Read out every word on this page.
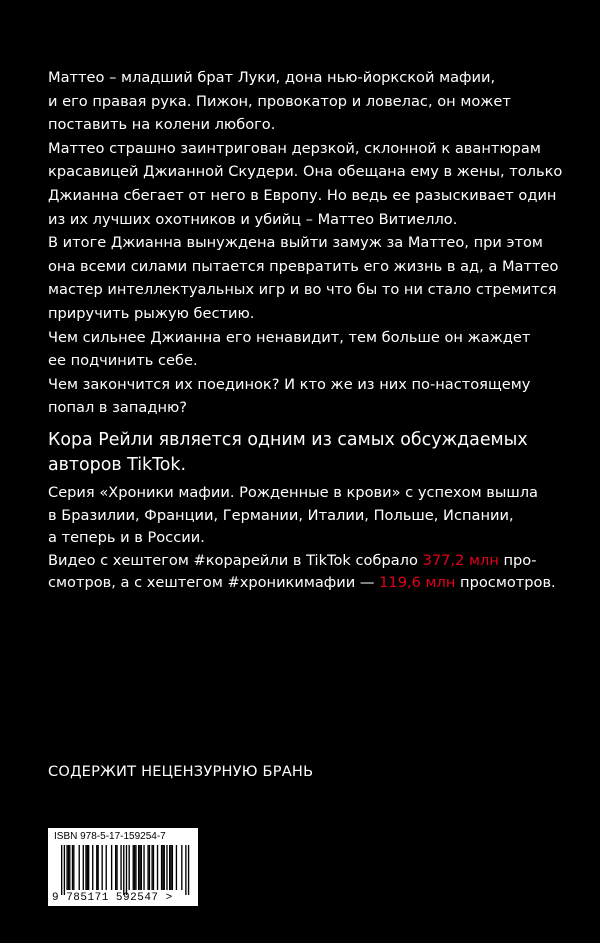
Маттео – младший брат Луки, дона нью-йоркской мафии,

и его правая рука. Пижон, провокатор и ловелас, он может

поставить на колени любого.

Маттео страшно заинтригован дерзкой, склонной к авантюрам

красавицей Джианной Скудери. Она обещана ему в жены, только

Джианна сбегает от него в Европу. Но ведь ее разыскивает один

из их лучших охотников и убийц – Маттео Витиелло.

В итоге Джианна вынуждена выйти замуж за Маттео, при этом

она всеми силами пытается превратить его жизнь в ад, а Маттео

мастер интеллектуальных игр и во что бы то ни стало стремится

приручить рыжую бестию.

Чем сильнее Джианна его ненавидит, тем больше он жаждет

ее подчинить себе.

Чем закончится их поединок? И кто же из них по-настоящему

попал в западню?

Кора Рейли является одним из самых обсуждаемых
авторов TikTok.

Серия «Хроники мафии. Рожденные в крови» с успехом вышла

в Бразилии, Франции, Германии, Италии, Польше, Испании,

а теперь и в России.

Видео с хештегом #корарейли в TikTok собрало 377,2 млн про-

смотров, а с хештегом #хроникимафии — 119,6 млн просмотров.

СОДЕРЖИТ НЕЦЕНЗУРНУЮ БРАНЬ
ISBN 978-5-17-159254-7
9 785171 592547 >
